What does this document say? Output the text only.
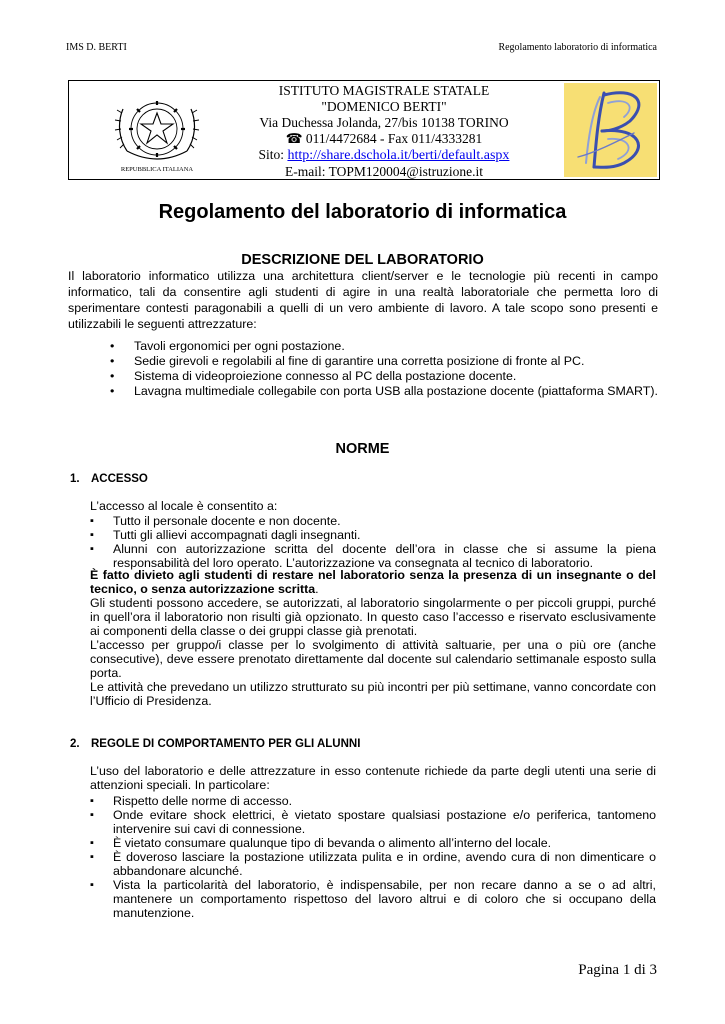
IMS D. BERTI	Regolamento laboratorio di informatica
REPUBBLICA ITALIANA
ISTITUTO MAGISTRALE STATALE
"DOMENICO BERTI"
Via Duchessa Jolanda, 27/bis 10138 TORINO
☎ 011/4472684 - Fax 011/4333281
Sito: http://share.dschola.it/berti/default.aspx
E-mail: TOPM120004@istruzione.it
Regolamento del laboratorio di informatica
DESCRIZIONE DEL LABORATORIO
Il laboratorio informatico utilizza una architettura client/server e le tecnologie più recenti in campo informatico, tali da consentire agli studenti di agire in una realtà laboratoriale che permetta loro di sperimentare contesti paragonabili a quelli di un vero ambiente di lavoro. A tale scopo sono presenti e utilizzabili le seguenti attrezzature:
• Tavoli ergonomici per ogni postazione.
• Sedie girevoli e regolabili al fine di garantire una corretta posizione di fronte al PC.
• Sistema di videoproiezione connesso al PC della postazione docente.
• Lavagna multimediale collegabile con porta USB alla postazione docente (piattaforma SMART).
NORME
1. ACCESSO
L’accesso al locale è consentito a:
▪ Tutto il personale docente e non docente.
▪ Tutti gli allievi accompagnati dagli insegnanti.
▪ Alunni con autorizzazione scritta del docente dell’ora in classe che si assume la piena responsabilità del loro operato. L’autorizzazione va consegnata al tecnico di laboratorio.
È fatto divieto agli studenti di restare nel laboratorio senza la presenza di un insegnante o del tecnico, o senza autorizzazione scritta.
Gli studenti possono accedere, se autorizzati, al laboratorio singolarmente o per piccoli gruppi, purché in quell’ora il laboratorio non risulti già opzionato. In questo caso l’accesso e riservato esclusivamente ai componenti della classe o dei gruppi classe già prenotati.
L’accesso per gruppo/i classe per lo svolgimento di attività saltuarie, per una o più ore (anche consecutive), deve essere prenotato direttamente dal docente sul calendario settimanale esposto sulla porta.
Le attività che prevedano un utilizzo strutturato su più incontri per più settimane, vanno concordate con l’Ufficio di Presidenza.
2. REGOLE DI COMPORTAMENTO PER GLI ALUNNI
L’uso del laboratorio e delle attrezzature in esso contenute richiede da parte degli utenti una serie di attenzioni speciali. In particolare:
▪ Rispetto delle norme di accesso.
▪ Onde evitare shock elettrici, è vietato spostare qualsiasi postazione e/o periferica, tantomeno intervenire sui cavi di connessione.
▪ È vietato consumare qualunque tipo di bevanda o alimento all’interno del locale.
▪ È doveroso lasciare la postazione utilizzata pulita e in ordine, avendo cura di non dimenticare o abbandonare alcunché.
▪ Vista la particolarità del laboratorio, è indispensabile, per non recare danno a se o ad altri, mantenere un comportamento rispettoso del lavoro altrui e di coloro che si occupano della manutenzione.
Pagina 1 di 3
